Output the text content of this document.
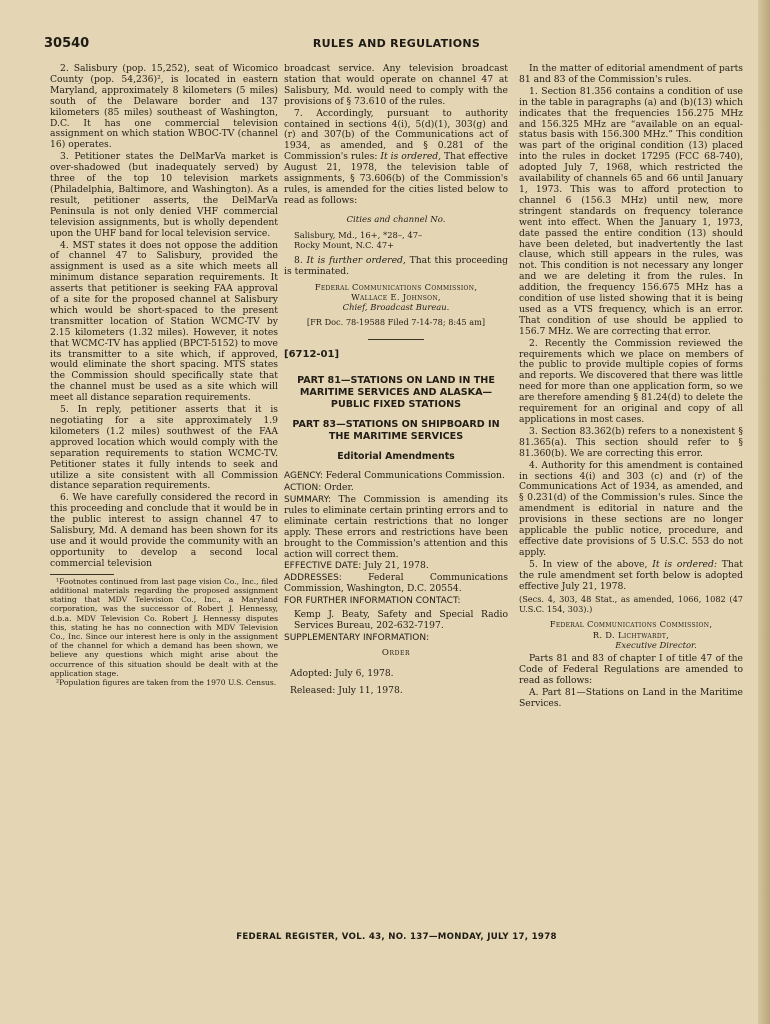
30540	RULES AND REGULATIONS

2. Salisbury (pop. 15,252), seat of Wicomico County (pop. 54,236)², is located in eastern Maryland, approximately 8 kilometers (5 miles) south of the Delaware border and 137 kilometers (85 miles) southeast of Washington, D.C. It has one commercial television assignment on which station WBOC-TV (channel 16) operates.

3. Petitioner states the DelMarVa market is over-shadowed (but inadequately served) by three of the top 10 television markets (Philadelphia, Baltimore, and Washington). As a result, petitioner asserts, the DelMarVa Peninsula is not only denied VHF commercial television assignments, but is wholly dependent upon the UHF band for local television service.

4. MST states it does not oppose the addition of channel 47 to Salisbury, provided the assignment is used as a site which meets all minimum distance separation requirements. It asserts that petitioner is seeking FAA approval of a site for the proposed channel at Salisbury which would be short-spaced to the present transmitter location of Station WCMC-TV by 2.15 kilometers (1.32 miles). However, it notes that WCMC-TV has applied (BPCT-5152) to move its transmitter to a site which, if approved, would eliminate the short spacing. MTS states the Commission should specifically state that the channel must be used as a site which will meet all distance separation requirements.

5. In reply, petitioner asserts that it is negotiating for a site approximately 1.9 kilometers (1.2 miles) southwest of the FAA approved location which would comply with the separation requirements to station WCMC-TV. Petitioner states it fully intends to seek and utilize a site consistent with all Commission distance separation requirements.

6. We have carefully considered the record in this proceeding and conclude that it would be in the public interest to assign channel 47 to Salisbury, Md. A demand has been shown for its use and it would provide the community with an opportunity to develop a second local commercial television

¹Footnotes continued from last page vision Co., Inc., filed additional materials regarding the proposed assignment stating that MDV Television Co., Inc., a Maryland corporation, was the successor of Robert J. Hennessy, d.b.a. MDV Television Co. Robert J. Hennessy disputes this, stating he has no connection with MDV Television Co., Inc. Since our interest here is only in the assignment of the channel for which a demand has been shown, we believe any questions which might arise about the occurrence of this situation should be dealt with at the application stage.

²Population figures are taken from the 1970 U.S. Census.

broadcast service. Any television broadcast station that would operate on channel 47 at Salisbury, Md. would need to comply with the provisions of § 73.610 of the rules.

7. Accordingly, pursuant to authority contained in sections 4(i), 5(d)(1), 303(g) and (r) and 307(b) of the Communications act of 1934, as amended, and § 0.281 of the Commission's rules: It is ordered, That effective August 21, 1978, the television table of assignments, § 73.606(b) of the Commission's rules, is amended for the cities listed below to read as follows:

Cities and channel No.
Salisbury, Md., 16+, *28–, 47–
Rocky Mount, N.C. 47+

8. It is further ordered, That this proceeding is terminated.

Federal Communications Commission,
Wallace E. Johnson,
Chief, Broadcast Bureau.
[FR Doc. 78-19588 Filed 7-14-78; 8:45 am]
[6712-01]
PART 81—STATIONS ON LAND IN THE MARITIME SERVICES AND ALASKA—PUBLIC FIXED STATIONS
PART 83—STATIONS ON SHIPBOARD IN THE MARITIME SERVICES
Editorial Amendments

AGENCY: Federal Communications Commission.

ACTION: Order.

SUMMARY: The Commission is amending its rules to eliminate certain printing errors and to eliminate certain restrictions that no longer apply. These errors and restrictions have been brought to the Commission's attention and this action will correct them.

EFFECTIVE DATE: July 21, 1978.

ADDRESSES:	Federal Communications Commission, Washington, D.C. 20554.

FOR FURTHER INFORMATION CONTACT:

Kemp J. Beaty, Safety and Special Radio Services Bureau, 202-632-7197.

SUPPLEMENTARY INFORMATION:

Order

Adopted: July 6, 1978.

Released: July 11, 1978.

In the matter of editorial amendment of parts 81 and 83 of the Commission's rules.

1. Section 81.356 contains a condition of use in the table in paragraphs (a) and (b)(13) which indicates that the frequencies 156.275 MHz and 156.325 MHz are “available on an equal-status basis with 156.300 MHz.” This condition was part of the original condition (13) placed into the rules in docket 17295 (FCC 68-740), adopted July 7, 1968, which restricted the availability of channels 65 and 66 until January 1, 1973. This was to afford protection to channel 6 (156.3 MHz) until new, more stringent standards on frequency tolerance went into effect. When the January 1, 1973, date passed the entire condition (13) should have been deleted, but inadvertently the last clause, which still appears in the rules, was not. This condition is not necessary any longer and we are deleting it from the rules. In addition, the frequency 156.675 MHz has a condition of use listed showing that it is being used as a VTS frequency, which is an error. That condition of use should be applied to 156.7 MHz. We are correcting that error.

2. Recently the Commission reviewed the requirements which we place on members of the public to provide multiple copies of forms and reports. We discovered that there was little need for more than one application form, so we are therefore amending § 81.24(d) to delete the requirement for an original and copy of all applications in most cases.

3. Section 83.362(b) refers to a nonexistent § 81.365(a). This section should refer to § 81.360(b). We are correcting this error.

4. Authority for this amendment is contained in sections 4(i) and 303 (c) and (r) of the Communications Act of 1934, as amended, and § 0.231(d) of the Commission's rules. Since the amendment is editorial in nature and the provisions in these sections are no longer applicable the public notice, procedure, and effective date provisions of 5 U.S.C. 553 do not apply.

5. In view of the above, It is ordered: That the rule amendment set forth below is adopted effective July 21, 1978.

(Secs. 4, 303, 48 Stat., as amended, 1066, 1082 (47 U.S.C. 154, 303).)

Federal Communications Commission,
R. D. Lichtwardt,
Executive Director.

Parts 81 and 83 of chapter I of title 47 of the Code of Federal Regulations are amended to read as follows:

A. Part 81—Stations on Land in the Maritime Services.

FEDERAL REGISTER, VOL. 43, NO. 137—MONDAY, JULY 17, 1978
